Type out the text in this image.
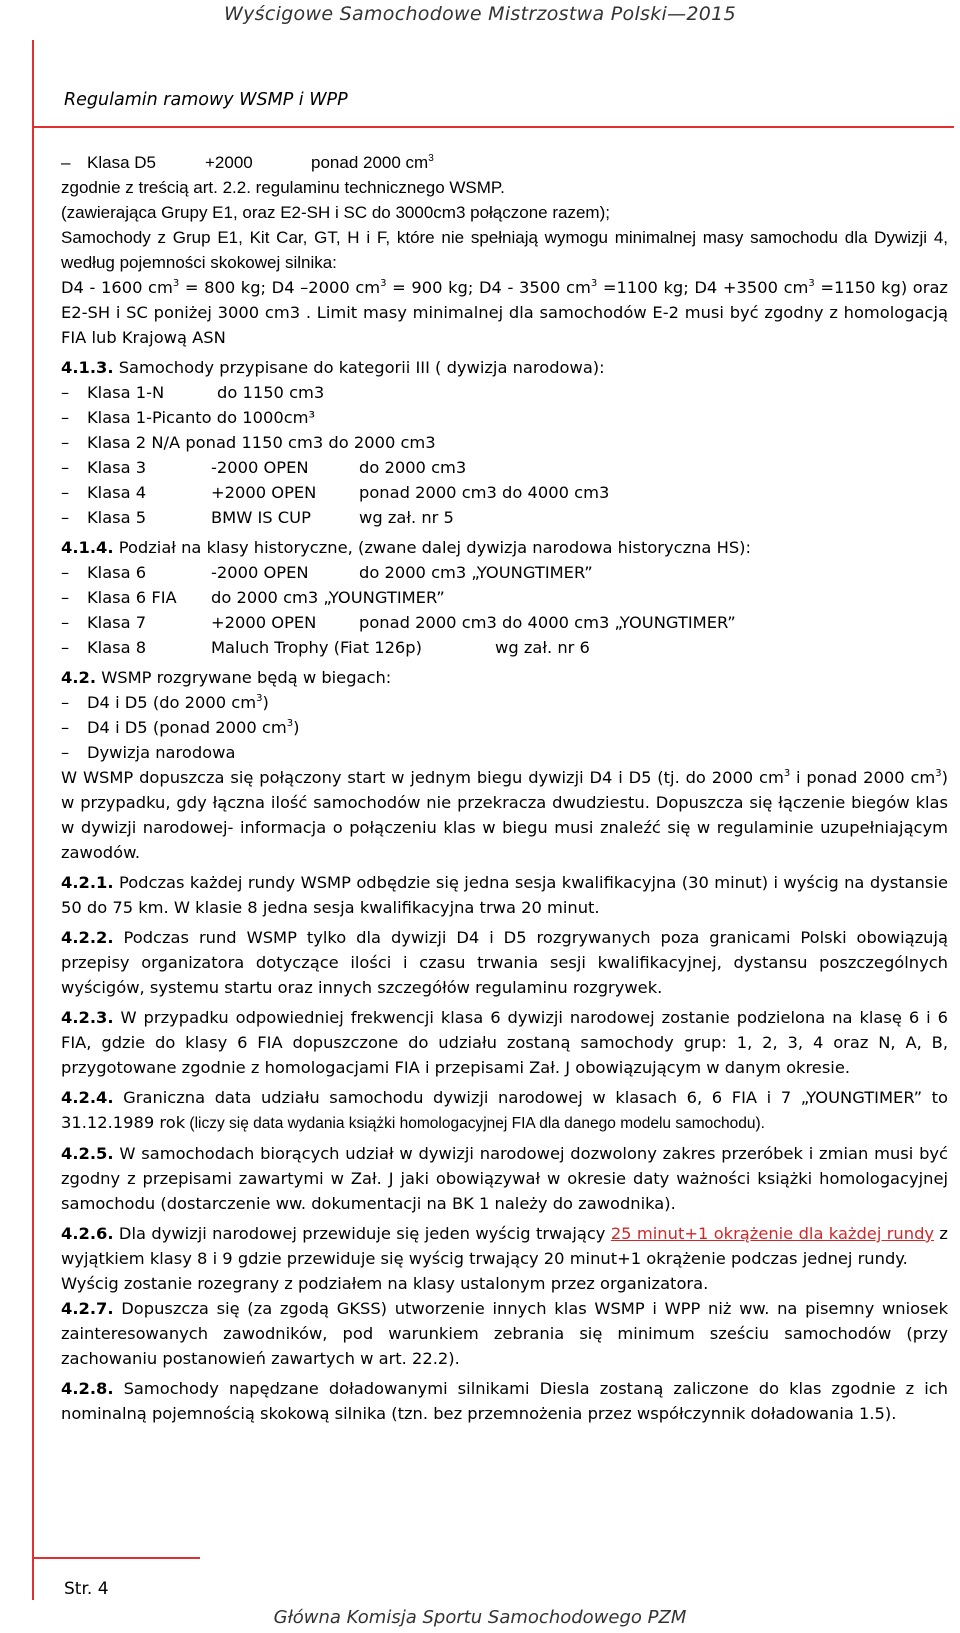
Wyścigowe Samochodowe Mistrzostwa Polski—2015
Regulamin ramowy WSMP i WPP
– Klasa D5	+2000	ponad 2000 $cm^3$
zgodnie z treścią art. 2.2. regulaminu technicznego WSMP.
(zawierająca Grupy E1, oraz E2-SH i SC do 3000cm3 połączone razem);
Samochody z Grup E1, Kit Car, GT, H i F, które nie spełniają wymogu minimalnej masy samochodu dla Dywizji 4, według pojemności skokowej silnika:
D4 - 1600 $cm^3 = 800$ kg; D4 –2000 $cm^3 = 900$ kg; D4 - 3500 $cm^3 =1100$ kg; D4 +3500 $cm^3 =1150$ kg) oraz E2-SH i SC poniżej 3000 cm3 . Limit masy minimalnej dla samochodów E-2 musi być zgodny z homologacją FIA lub Krajową ASN
4.1.3. Samochody przypisane do kategorii III ( dywizja narodowa):
– Klasa 1-N	do 1150 cm3
– Klasa 1-Picanto do 1000cm³
– Klasa 2 N/A ponad 1150 cm3 do 2000 cm3
– Klasa 3	-2000 OPEN	do 2000 cm3
– Klasa 4	+2000 OPEN	ponad 2000 cm3 do 4000 cm3
– Klasa 5	BMW IS CUP	wg zał. nr 5
4.1.4. Podział na klasy historyczne, (zwane dalej dywizja narodowa historyczna HS):
– Klasa 6	-2000 OPEN	do 2000 cm3 „YOUNGTIMER”
– Klasa 6 FIA do 2000 cm3 „YOUNGTIMER”
– Klasa 7	+2000 OPEN	ponad 2000 cm3 do 4000 cm3 „YOUNGTIMER”
– Klasa 8	Maluch Trophy (Fiat 126p)	wg zał. nr 6
4.2. WSMP rozgrywane będą w biegach:
– D4 i D5 (do 2000 $cm^3$)
– D4 i D5 (ponad 2000 $cm^3$)
– Dywizja narodowa
W WSMP dopuszcza się połączony start w jednym biegu dywizji D4 i D5 (tj. do 2000 $cm^3$ i ponad 2000 $cm^3$) w przypadku, gdy łączna ilość samochodów nie przekracza dwudziestu. Dopuszcza się łączenie biegów klas w dywizji narodowej- informacja o połączeniu klas w biegu musi znaleźć się w regulaminie uzupełniającym zawodów.
4.2.1. Podczas każdej rundy WSMP odbędzie się jedna sesja kwalifikacyjna (30 minut) i wyścig na dystansie 50 do 75 km. W klasie 8 jedna sesja kwalifikacyjna trwa 20 minut.
4.2.2. Podczas rund WSMP tylko dla dywizji D4 i D5 rozgrywanych poza granicami Polski obowiązują przepisy organizatora dotyczące ilości i czasu trwania sesji kwalifikacyjnej, dystansu poszczególnych wyścigów, systemu startu oraz innych szczegółów regulaminu rozgrywek.
4.2.3. W przypadku odpowiedniej frekwencji klasa 6 dywizji narodowej zostanie podzielona na klasę 6 i 6 FIA, gdzie do klasy 6 FIA dopuszczone do udziału zostaną samochody grup: 1, 2, 3, 4 oraz N, A, B, przygotowane zgodnie z homologacjami FIA i przepisami Zał. J obowiązującym w danym okresie.
4.2.4. Graniczna data udziału samochodu dywizji narodowej w klasach 6, 6 FIA i 7 „YOUNGTIMER” to 31.12.1989 rok (liczy się data wydania książki homologacyjnej FIA dla danego modelu samochodu).
4.2.5. W samochodach biorących udział w dywizji narodowej dozwolony zakres przeróbek i zmian musi być zgodny z przepisami zawartymi w Zał. J jaki obowiązywał w okresie daty ważności książki homologacyjnej samochodu (dostarczenie ww. dokumentacji na BK 1 należy do zawodnika).
4.2.6. Dla dywizji narodowej przewiduje się jeden wyścig trwający 25 minut+1 okrążenie dla każdej rundy z wyjątkiem klasy 8 i 9 gdzie przewiduje się wyścig trwający 20 minut+1 okrążenie podczas jednej rundy.
Wyścig zostanie rozegrany z podziałem na klasy ustalonym przez organizatora.
4.2.7. Dopuszcza się (za zgodą GKSS) utworzenie innych klas WSMP i WPP niż ww. na pisemny wniosek zainteresowanych zawodników, pod warunkiem zebrania się minimum sześciu samochodów (przy zachowaniu postanowień zawartych w art. 22.2).
4.2.8. Samochody napędzane doładowanymi silnikami Diesla zostaną zaliczone do klas zgodnie z ich nominalną pojemnością skokową silnika (tzn. bez przemnożenia przez współczynnik doładowania 1.5).
Str. 4
Główna Komisja Sportu Samochodowego PZM
